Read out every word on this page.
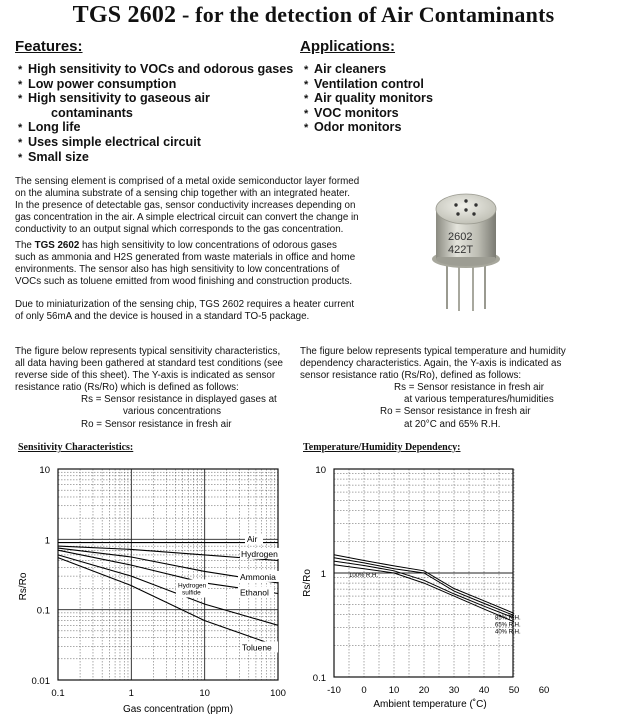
TGS 2602 - for the detection of Air Contaminants
Features:
* High sensitivity to VOCs and odorous gases
* Low power consumption
* High sensitivity to gaseous air
contaminants
* Long life
* Uses simple electrical circuit
* Small size
Applications:
* Air cleaners
* Ventilation control
* Air quality monitors
* VOC monitors
* Odor monitors
The sensing element is comprised of a metal oxide semiconductor layer formed
on the alumina substrate of a sensing chip together with an integrated heater.
In the presence of detectable gas, sensor conductivity increases depending on
gas concentration in the air. A simple electrical circuit can convert the change in
conductivity to an output signal which corresponds to the gas concentration.
The TGS 2602 has high sensitivity to low concentrations of odorous gases
such as ammonia and H2S generated from waste materials in office and home
environments. The sensor also has high sensitivity to low concentrations of
VOCs such as toluene emitted from wood finishing and construction products.
Due to miniaturization of the sensing chip, TGS 2602 requires a heater current
of only 56mA and the device is housed in a standard TO-5 package.
2602
422T
The figure below represents typical sensitivity characteristics,
all data having been gathered at standard test conditions (see
reverse side of this sheet). The Y-axis is indicated as sensor
resistance ratio (Rs/Ro) which is defined as follows:
Rs = Sensor resistance in displayed gases at
various concentrations
Ro = Sensor resistance in fresh air
The figure below represents typical temperature and humidity
dependency characteristics. Again, the Y-axis is indicated as
sensor resistance ratio (Rs/Ro), defined as follows:
Rs = Sensor resistance in fresh air
at various temperatures/humidities
Ro = Sensor resistance in fresh air
at 20°C and 65% R.H.
Sensitivity Characteristics:	Temperature/Humidity Dependency:
10
1
0.1
0.01
0.1	1	10	100
Gas concentration (ppm)
Rs/Ro
Air
Hydrogen
Ammonia
Ethanol
Hydrogen
sulfide
Toluene
10
1
0.1
-10 0 10 20 30 40 50 60
Ambient temperature (˚C)
Rs/Ro	100% R.H.
85% R.H.
65% R.H.
40% R.H.
